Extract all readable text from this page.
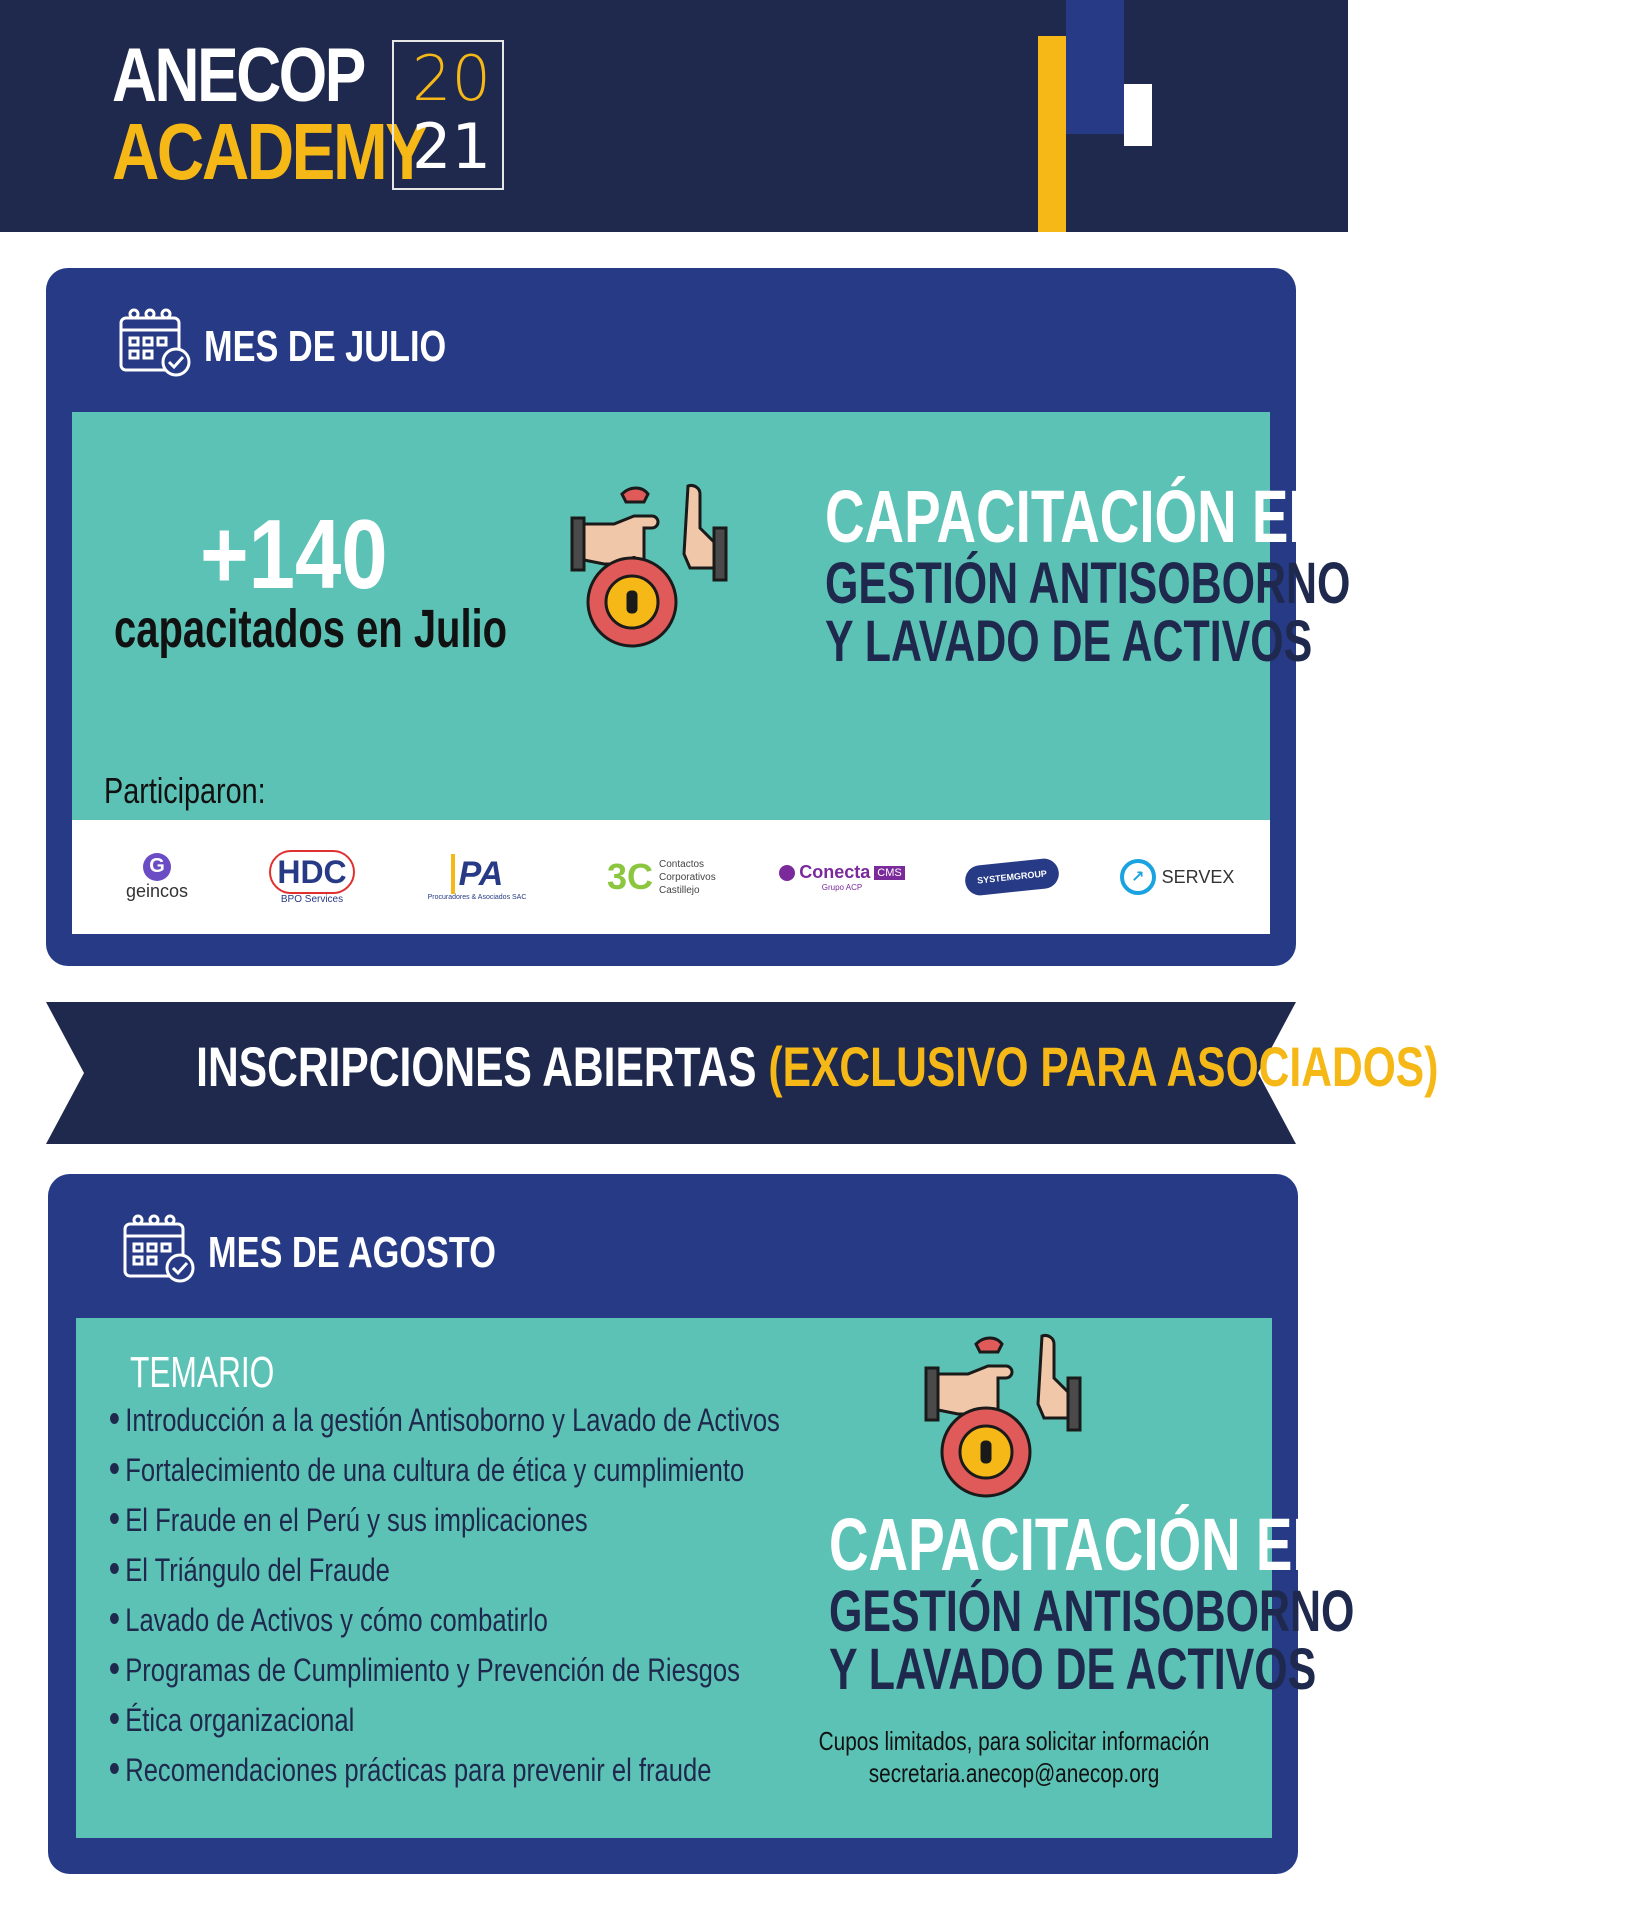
ANECOP
ACADEMY
20
21
MES DE JULIO
+140
capacitados en Julio
CAPACITACIÓN EN
GESTIÓN ANTISOBORNO
Y LAVADO DE ACTIVOS
Participaron:
G
geincos
HDC
BPO Services
PA
Procuradores & Asociados SAC 3C Contactos Corporativos Castillejo
Conecta CMS
Grupo ACP
SYSTEMGROUP	↗ SERVEX
INSCRIPCIONES ABIERTAS (EXCLUSIVO PARA ASOCIADOS)
MES DE AGOSTO
TEMARIO
Introducción a la gestión Antisoborno y Lavado de Activos
Fortalecimiento de una cultura de ética y cumplimiento
El Fraude en el Perú y sus implicaciones
El Triángulo del Fraude
Lavado de Activos y cómo combatirlo
Programas de Cumplimiento y Prevención de Riesgos
Ética organizacional
Recomendaciones prácticas para prevenir el fraude
CAPACITACIÓN EN
GESTIÓN ANTISOBORNO
Y LAVADO DE ACTIVOS
Cupos limitados, para solicitar información
secretaria.anecop@anecop.org
